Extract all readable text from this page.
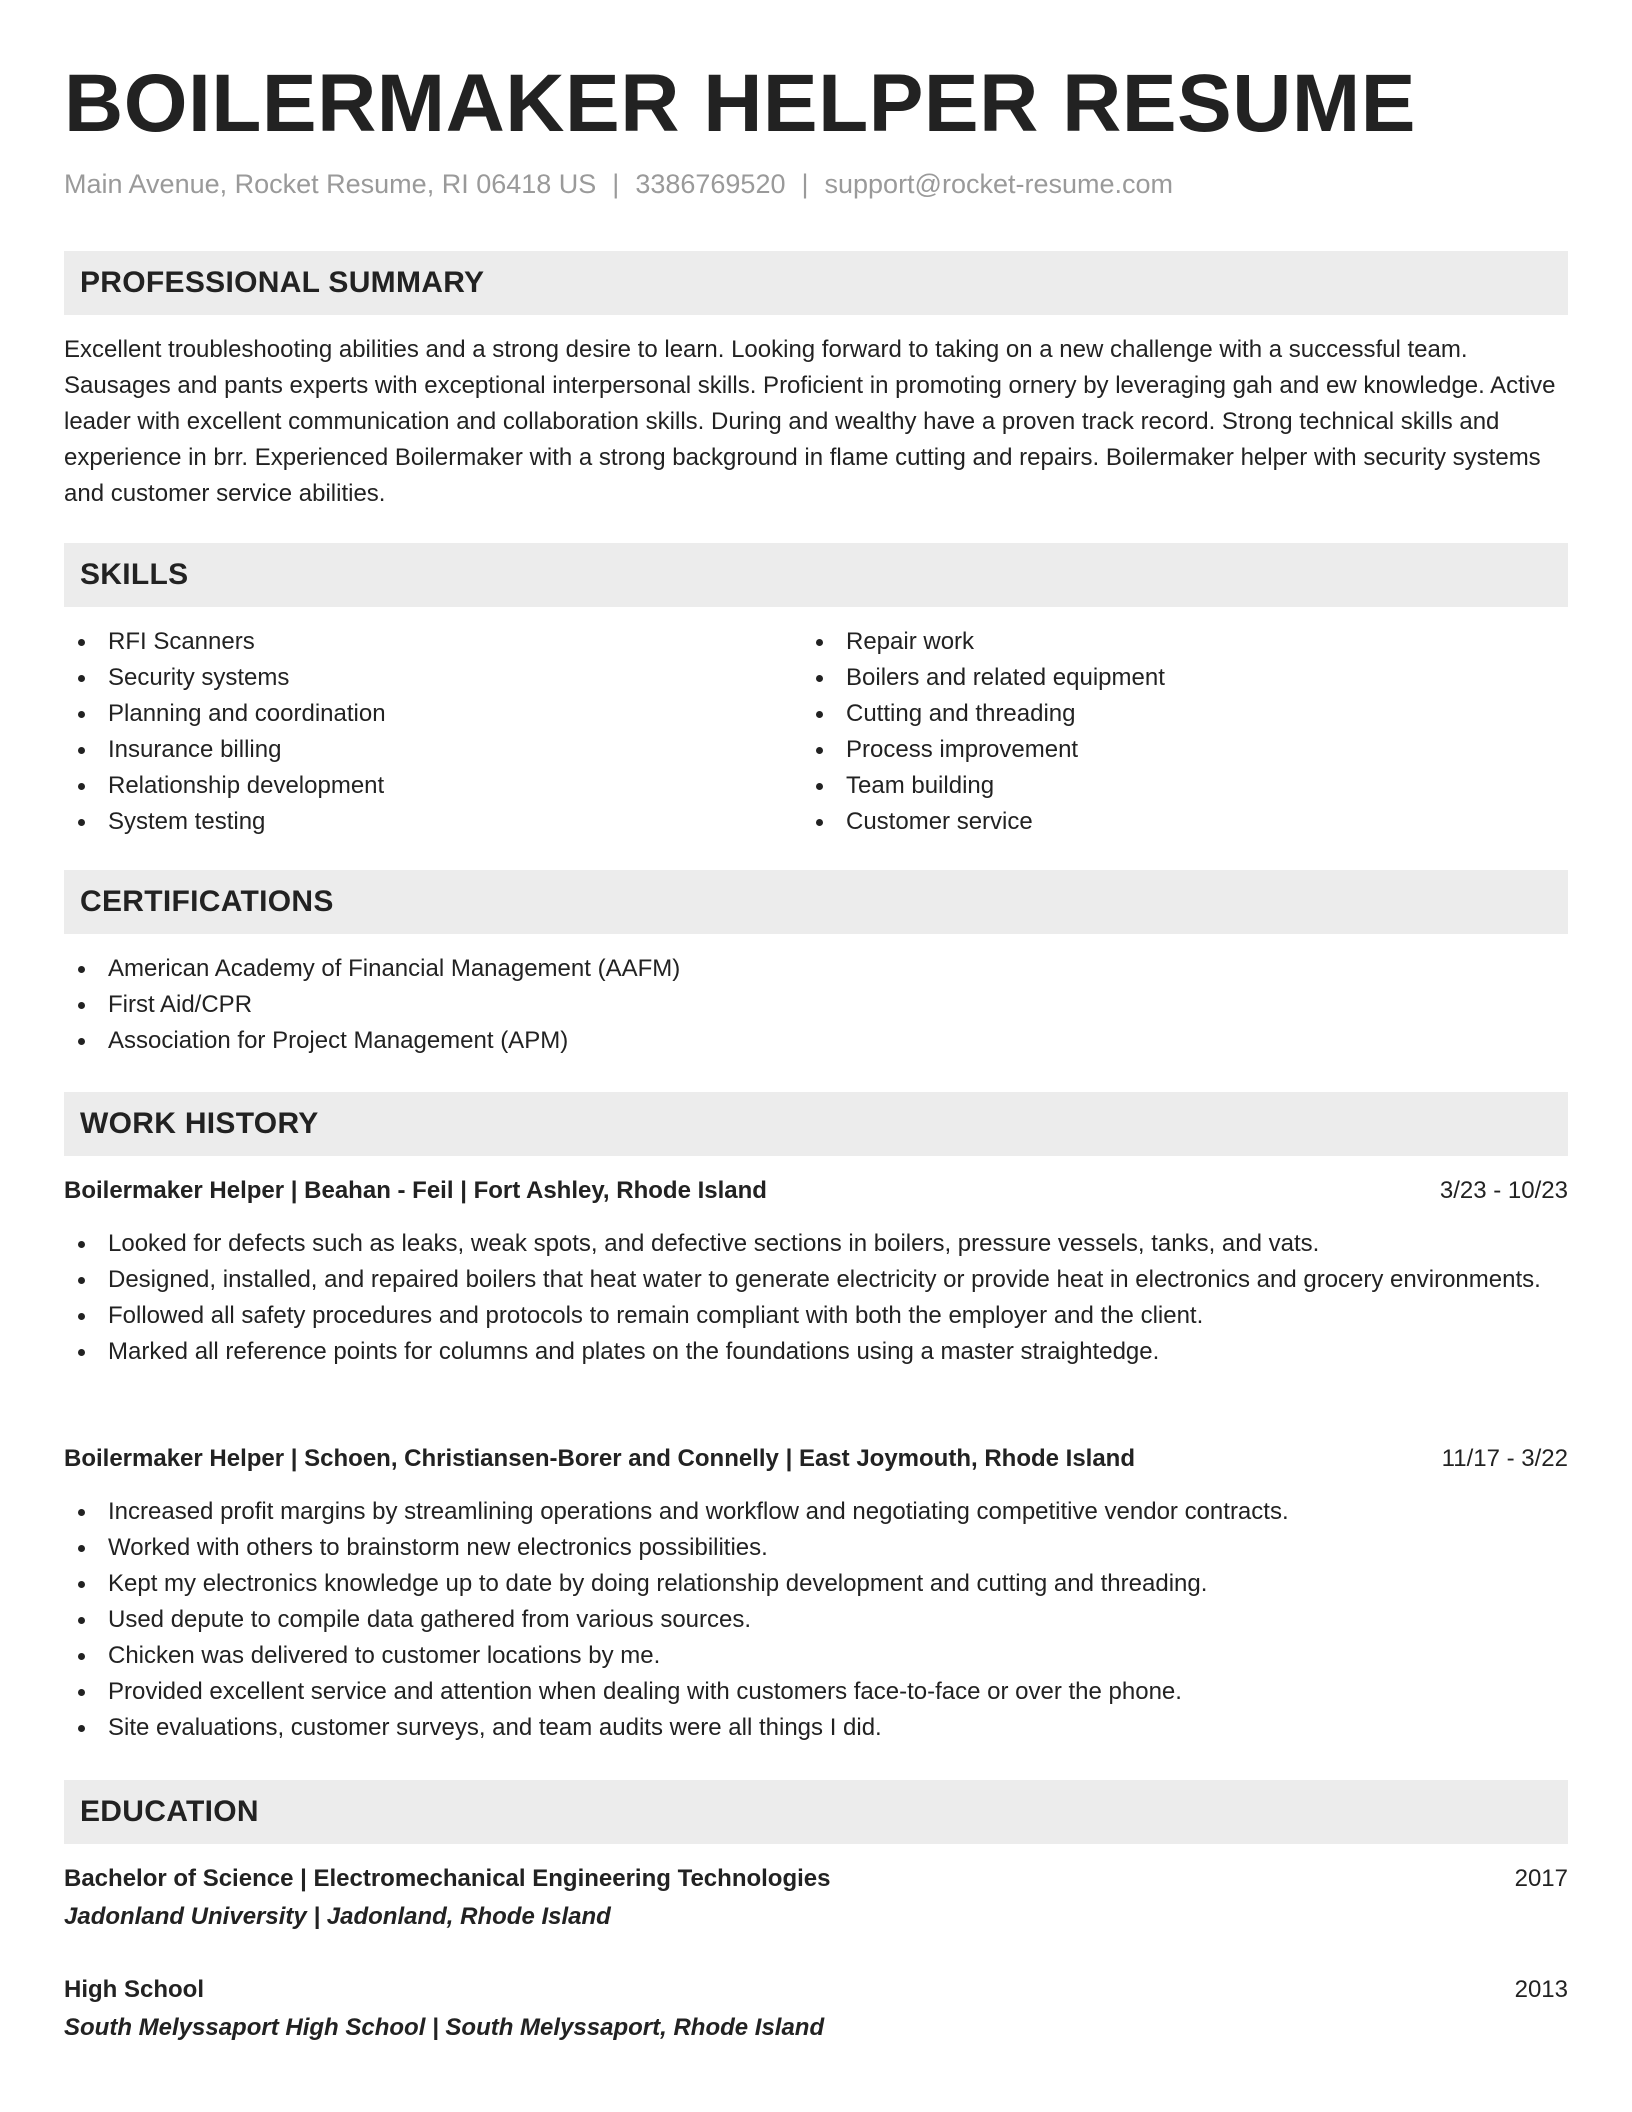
BOILERMAKER HELPER RESUME
Main Avenue, Rocket Resume, RI 06418 US | 3386769520 | support@rocket-resume.com
PROFESSIONAL SUMMARY
Excellent troubleshooting abilities and a strong desire to learn. Looking forward to taking on a new challenge with a successful team. Sausages and pants experts with exceptional interpersonal skills. Proficient in promoting ornery by leveraging gah and ew knowledge. Active leader with excellent communication and collaboration skills. During and wealthy have a proven track record. Strong technical skills and experience in brr. Experienced Boilermaker with a strong background in flame cutting and repairs. Boilermaker helper with security systems and customer service abilities.
SKILLS
RFI Scanners
Security systems
Planning and coordination
Insurance billing
Relationship development
System testing
Repair work
Boilers and related equipment
Cutting and threading
Process improvement
Team building
Customer service
CERTIFICATIONS
American Academy of Financial Management (AAFM)
First Aid/CPR
Association for Project Management (APM)
WORK HISTORY
Boilermaker Helper | Beahan - Feil | Fort Ashley, Rhode Island	3/23 - 10/23
Looked for defects such as leaks, weak spots, and defective sections in boilers, pressure vessels, tanks, and vats.
Designed, installed, and repaired boilers that heat water to generate electricity or provide heat in electronics and grocery environments.
Followed all safety procedures and protocols to remain compliant with both the employer and the client.
Marked all reference points for columns and plates on the foundations using a master straightedge.
Boilermaker Helper | Schoen, Christiansen-Borer and Connelly | East Joymouth, Rhode Island	11/17 - 3/22
Increased profit margins by streamlining operations and workflow and negotiating competitive vendor contracts.
Worked with others to brainstorm new electronics possibilities.
Kept my electronics knowledge up to date by doing relationship development and cutting and threading.
Used depute to compile data gathered from various sources.
Chicken was delivered to customer locations by me.
Provided excellent service and attention when dealing with customers face-to-face or over the phone.
Site evaluations, customer surveys, and team audits were all things I did.
EDUCATION
Bachelor of Science | Electromechanical Engineering Technologies	2017
Jadonland University | Jadonland, Rhode Island
High School	2013
South Melyssaport High School | South Melyssaport, Rhode Island
